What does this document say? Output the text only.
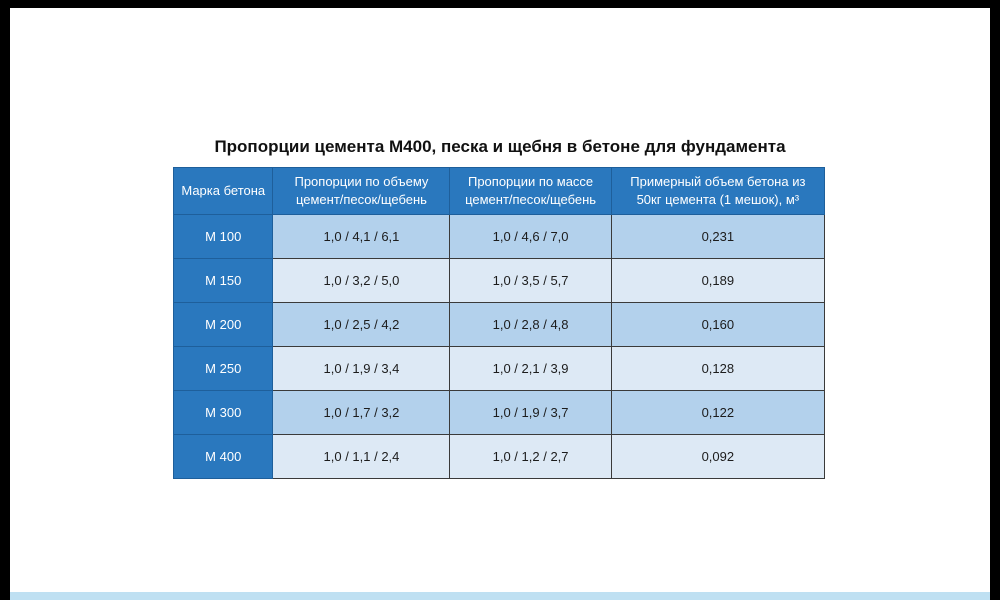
Пропорции цемента М400, песка и щебня в бетоне для фундамента
Марка бетона	Пропорции по объему цемент/песок/щебень	Пропорции по массе цемент/песок/щебень	Примерный объем бетона из 50кг цемента (1 мешок), м³
М 100	1,0 / 4,1 / 6,1	1,0 / 4,6 / 7,0	0,231
М 150	1,0 / 3,2 / 5,0	1,0 / 3,5 / 5,7	0,189
М 200	1,0 / 2,5 / 4,2	1,0 / 2,8 / 4,8	0,160
М 250	1,0 / 1,9 / 3,4	1,0 / 2,1 / 3,9	0,128
М 300	1,0 / 1,7 / 3,2	1,0 / 1,9 / 3,7	0,122
М 400	1,0 / 1,1 / 2,4	1,0 / 1,2 / 2,7	0,092
